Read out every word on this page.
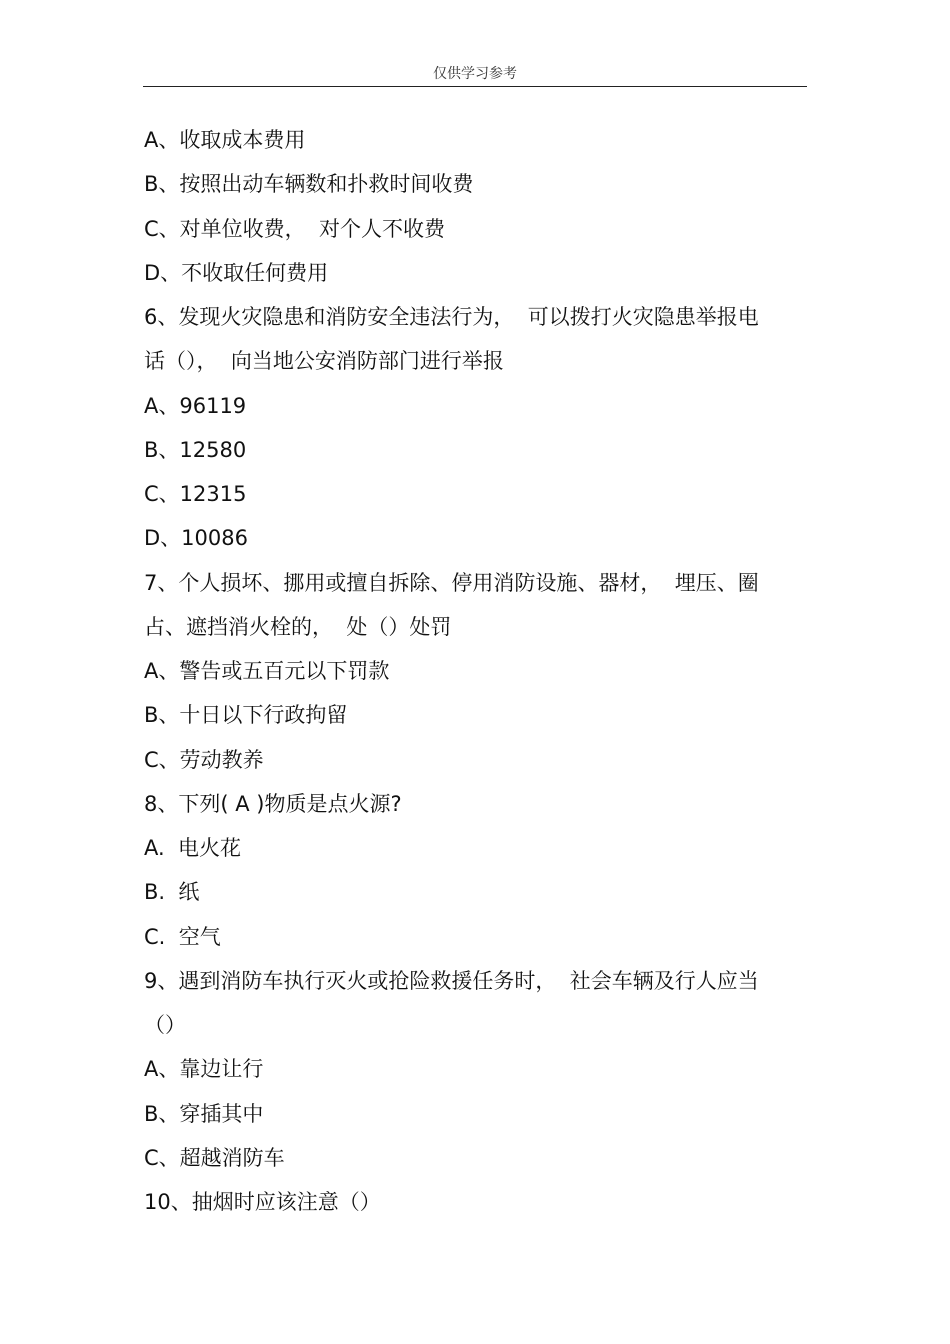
仅供学习参考
A、收取成本费用
B、按照出动车辆数和扑救时间收费
C、对单位收费，  对个人不收费
D、不收取任何费用
6、发现火灾隐患和消防安全违法行为，  可以拨打火灾隐患举报电
话（），  向当地公安消防部门进行举报
A、96119
B、12580
C、12315
D、10086
7、个人损坏、挪用或擅自拆除、停用消防设施、器材，  埋压、圈
占、遮挡消火栓的，  处（）处罚
A、警告或五百元以下罚款
B、十日以下行政拘留
C、劳动教养
8、下列( A )物质是点火源?
A.  电火花
B.  纸
C.  空气
9、遇到消防车执行灭火或抢险救援任务时，  社会车辆及行人应当
（）
A、靠边让行
B、穿插其中
C、超越消防车
10、抽烟时应该注意（）
